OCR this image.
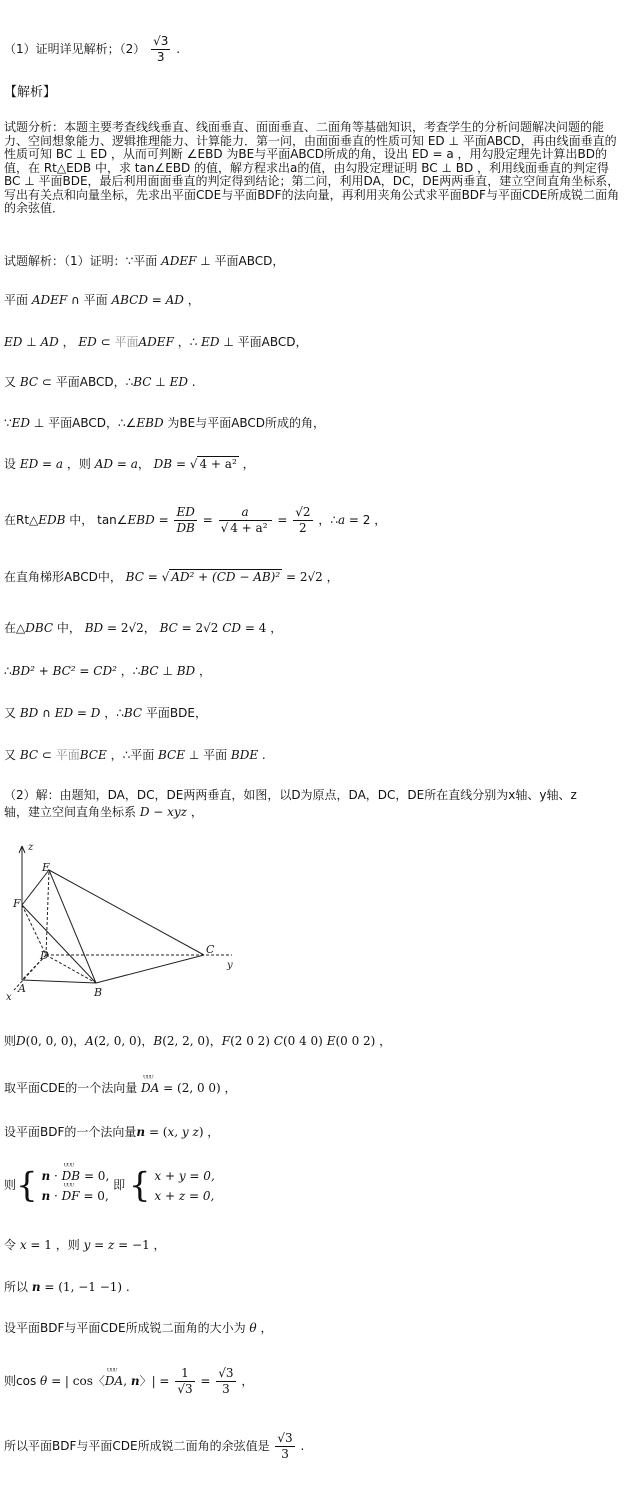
（1）证明详见解析；$(2) \frac{√3}{3}$ .
【解析】
试题分析：本题主要考查线线垂直、线面垂直、面面垂直、二面角等基础知识，考查学生的分析问题解决问题的能力、空间想象能力、逻辑推理能力、计算能力．第一问，由面面垂直的性质可知 ED ⊥ 平面ABCD，再由线面垂直的性质可知 BC ⊥ ED ，从而可判断 ∠EBD 为BE与平面ABCD所成的角，设出 ED = a ，用勾股定理先计算出BD的值，在 Rt△EDB 中，求 tan∠EBD 的值，解方程求出a的值，由勾股定理证明 BC ⊥ BD ，利用线面垂直的判定得 BC ⊥ 平面BDE，最后利用面面垂直的判定得到结论；第二问，利用DA，DC，DE两两垂直，建立空间直角坐标系，写出有关点和向量坐标，先求出平面CDE与平面BDF的法向量，再利用夹角公式求平面BDF与平面CDE所成锐二面角的余弦值．
试题解析：（1）证明：∵平面 ADEF ⊥ 平面ABCD，
平面 ADEF ∩ 平面 ABCD = AD ，
ED ⊥ AD ， ED ⊂ 平面ADEF ，∴ ED ⊥ 平面ABCD，
又 BC ⊂ 平面ABCD，∴BC ⊥ ED .
∵ED ⊥ 平面ABCD，∴∠EBD 为BE与平面ABCD所成的角，
设 ED = a ，则 AD = a， DB = √ 4 + a² ，
在Rt△EDB 中， tan∠EBD = $\frac{ED}{DB} = \frac{a}{\text{√ 4 + a²}} = \frac{√2}{2}$ ，∴a = 2 ，
在直角梯形ABCD中， BC = √ AD² + (CD − AB)² = 2√2 ，
在△DBC 中， BD = 2√2， BC = 2√2 CD = 4 ，
∴BD² + BC² = CD² ，∴BC ⊥ BD ，
又 BD ∩ ED = D ，∴BC 平面BDE，
又 BC ⊂ 平面BCE ，∴平面 BCE ⊥ 平面 BDE .
（2）解：由题知，DA，DC，DE两两垂直，如图，以D为原点，DA，DC，DE所在直线分别为x轴、y轴、z
轴，建立空间直角坐标系 D − xyz ，
E
F
D	C
A	B
x
y
z
则D(0, 0, 0)，A(2, 0, 0)，B(2, 2, 0)，F(2 0 2) C(0 4 0) E(0 0 2) ，
取平面CDE的一个法向量
ᵁᵁᵁ
DA = (2, 0 0) ，
设平面BDF的一个法向量n = (x, y z) ，
则{ n ·
ᵁᵁᵁ
DB = 0,
n ·
ᵁᵁᵁ
DF = 0,
即 { x + y = 0,
x + z = 0,
令 x = 1 ，则 y = z = −1 ，
所以 n = (1, −1 −1) .
设平面BDF与平面CDE所成锐二面角的大小为 θ ，
则cos θ = | cos〈
ᵁᵁᵁ
DA, n〉| = $\frac{1}{√3} = \frac{√3}{3}$ ，
所以平面BDF与平面CDE所成锐二面角的余弦值是 $\frac{√3}{3}$ .
